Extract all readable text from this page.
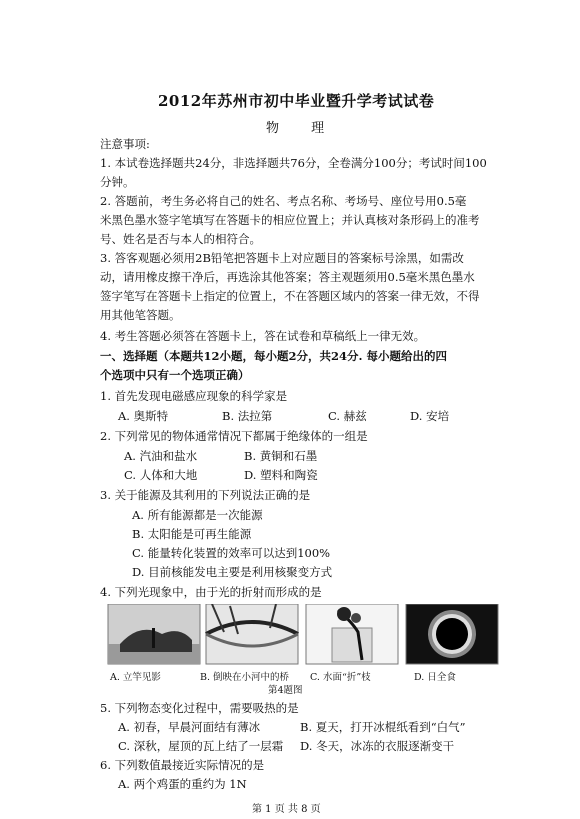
2012年苏州市初中毕业暨升学考试试卷
物 理
注意事项:
1. 本试卷选择题共24分，非选择题共76分，全卷满分100分；考试时间100
分钟。
2. 答题前，考生务必将自己的姓名、考点名称、考场号、座位号用0.5毫
米黑色墨水签字笔填写在答题卡的相应位置上；并认真核对条形码上的准考
号、姓名是否与本人的相符合。
3. 答客观题必须用2B铅笔把答题卡上对应题目的答案标号涂黑，如需改
动，请用橡皮擦干净后，再选涂其他答案；答主观题须用0.5毫米黑色墨水
签字笔写在答题卡上指定的位置上，不在答题区域内的答案一律无效，不得
用其他笔答题。
4. 考生答题必须答在答题卡上，答在试卷和草稿纸上一律无效。
一、选择题（本题共12小题，每小题2分，共24分. 每小题给出的四
个选项中只有一个选项正确）
1. 首先发现电磁感应现象的科学家是
A. 奥斯特	B. 法拉第	C. 赫兹	D. 安培
2. 下列常见的物体通常情况下都属于绝缘体的一组是
A. 汽油和盐水	B. 黄铜和石墨
C. 人体和大地	D. 塑料和陶瓷
3. 关于能源及其利用的下列说法正确的是
A. 所有能源都是一次能源
B. 太阳能是可再生能源
C. 能量转化装置的效率可以达到100%
D. 目前核能发电主要是利用核聚变方式
4. 下列光现象中，由于光的折射而形成的是
A. 立竿见影	B. 倒映在小河中的桥 C. 水面“折”枝	D. 日全食
第4题图
5. 下列物态变化过程中，需要吸热的是
A. 初春，早晨河面结有薄冰	B. 夏天，打开冰棍纸看到“白气”
C. 深秋，屋顶的瓦上结了一层霜 D. 冬天，冰冻的衣服逐渐变干
6. 下列数值最接近实际情况的是
A. 两个鸡蛋的重约为 1N
第 1 页 共 8 页
